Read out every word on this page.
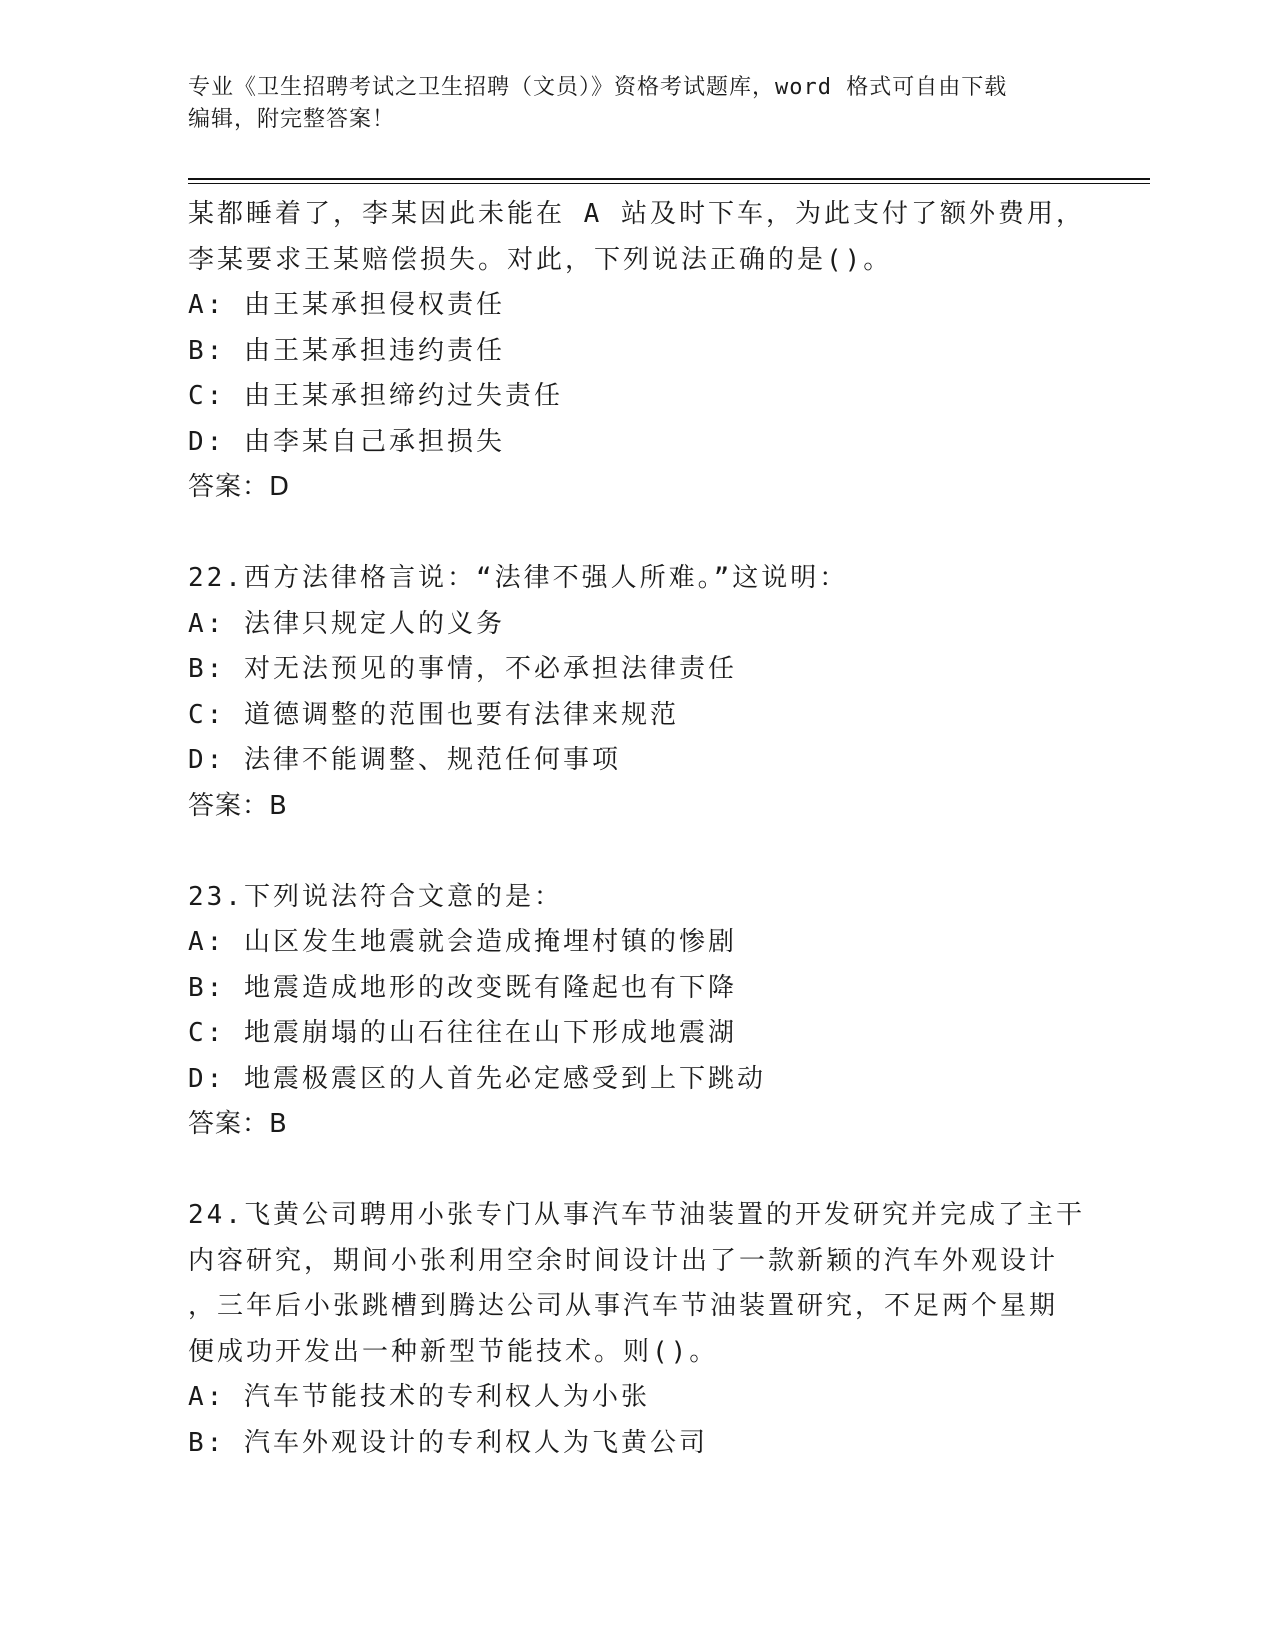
专业《卫生招聘考试之卫生招聘（文员）》资格考试题库，word 格式可自由下载
编辑，附完整答案！
某都睡着了，李某因此未能在 A 站及时下车，为此支付了额外费用，
李某要求王某赔偿损失。对此，下列说法正确的是()。
A: 由王某承担侵权责任
B: 由王某承担违约责任
C: 由王某承担缔约过失责任
D: 由李某自己承担损失
答案：D
22.西方法律格言说：“法律不强人所难。”这说明：
A: 法律只规定人的义务
B: 对无法预见的事情，不必承担法律责任
C: 道德调整的范围也要有法律来规范
D: 法律不能调整、规范任何事项
答案：B
23.下列说法符合文意的是：
A: 山区发生地震就会造成掩埋村镇的惨剧
B: 地震造成地形的改变既有隆起也有下降
C: 地震崩塌的山石往往在山下形成地震湖
D: 地震极震区的人首先必定感受到上下跳动
答案：B
24.飞黄公司聘用小张专门从事汽车节油装置的开发研究并完成了主干
内容研究，期间小张利用空余时间设计出了一款新颖的汽车外观设计
，三年后小张跳槽到腾达公司从事汽车节油装置研究，不足两个星期
便成功开发出一种新型节能技术。则()。
A: 汽车节能技术的专利权人为小张
B: 汽车外观设计的专利权人为飞黄公司
